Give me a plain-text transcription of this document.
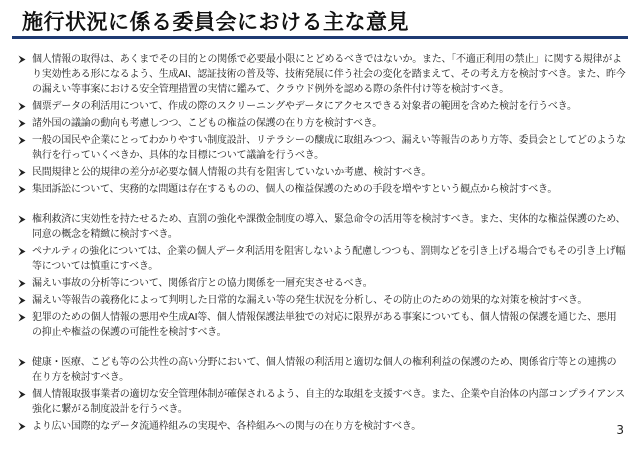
施行状況に係る委員会における主な意見
個人情報の取得は、あくまでその目的との関係で必要最小限にとどめるべきではないか。また、「不適正利用の禁止」に関する規律がより実効性ある形になるよう、生成AI、認証技術の普及等、技術発展に伴う社会の変化を踏まえて、その考え方を検討すべき。また、昨今の漏えい等事案における安全管理措置の実情に鑑みて、クラウド例外を認める際の条件付け等を検討すべき。
個票データの利活用について、作成の際のスクリーニングやデータにアクセスできる対象者の範囲を含めた検討を行うべき。
諸外国の議論の動向も考慮しつつ、こどもの権益の保護の在り方を検討すべき。
一般の国民や企業にとってわかりやすい制度設計、リテラシーの醸成に取組みつつ、漏えい等報告のあり方等、委員会としてどのような執行を行っていくべきか、具体的な目標について議論を行うべき。
民間規律と公的規律の差分が必要な個人情報の共有を阻害していないか考慮、検討すべき。
集団訴訟について、実務的な問題は存在するものの、個人の権益保護のための手段を増やすという観点から検討すべき。
権利救済に実効性を持たせるため、直罰の強化や課徴金制度の導入、緊急命令の活用等を検討すべき。また、実体的な権益保護のため、同意の概念を精緻に検討すべき。
ペナルティの強化については、企業の個人データ利活用を阻害しないよう配慮しつつも、罰則などを引き上げる場合でもその引き上げ幅等については慎重にすべき。
漏えい事故の分析等について、関係省庁との協力関係を一層充実させるべき。
漏えい等報告の義務化によって判明した日常的な漏えい等の発生状況を分析し、その防止のための効果的な対策を検討すべき。
犯罪のための個人情報の悪用や生成AI等、個人情報保護法単独での対応に限界がある事案についても、個人情報の保護を通じた、悪用の抑止や権益の保護の可能性を検討すべき。
健康・医療、こども等の公共性の高い分野において、個人情報の利活用と適切な個人の権利利益の保護のため、関係省庁等との連携の在り方を検討すべき。
個人情報取扱事業者の適切な安全管理体制が確保されるよう、自主的な取組を支援すべき。また、企業や自治体の内部コンプライアンス強化に繋がる制度設計を行うべき。
より広い国際的なデータ流通枠組みの実現や、各枠組みへの関与の在り方を検討すべき。	3
